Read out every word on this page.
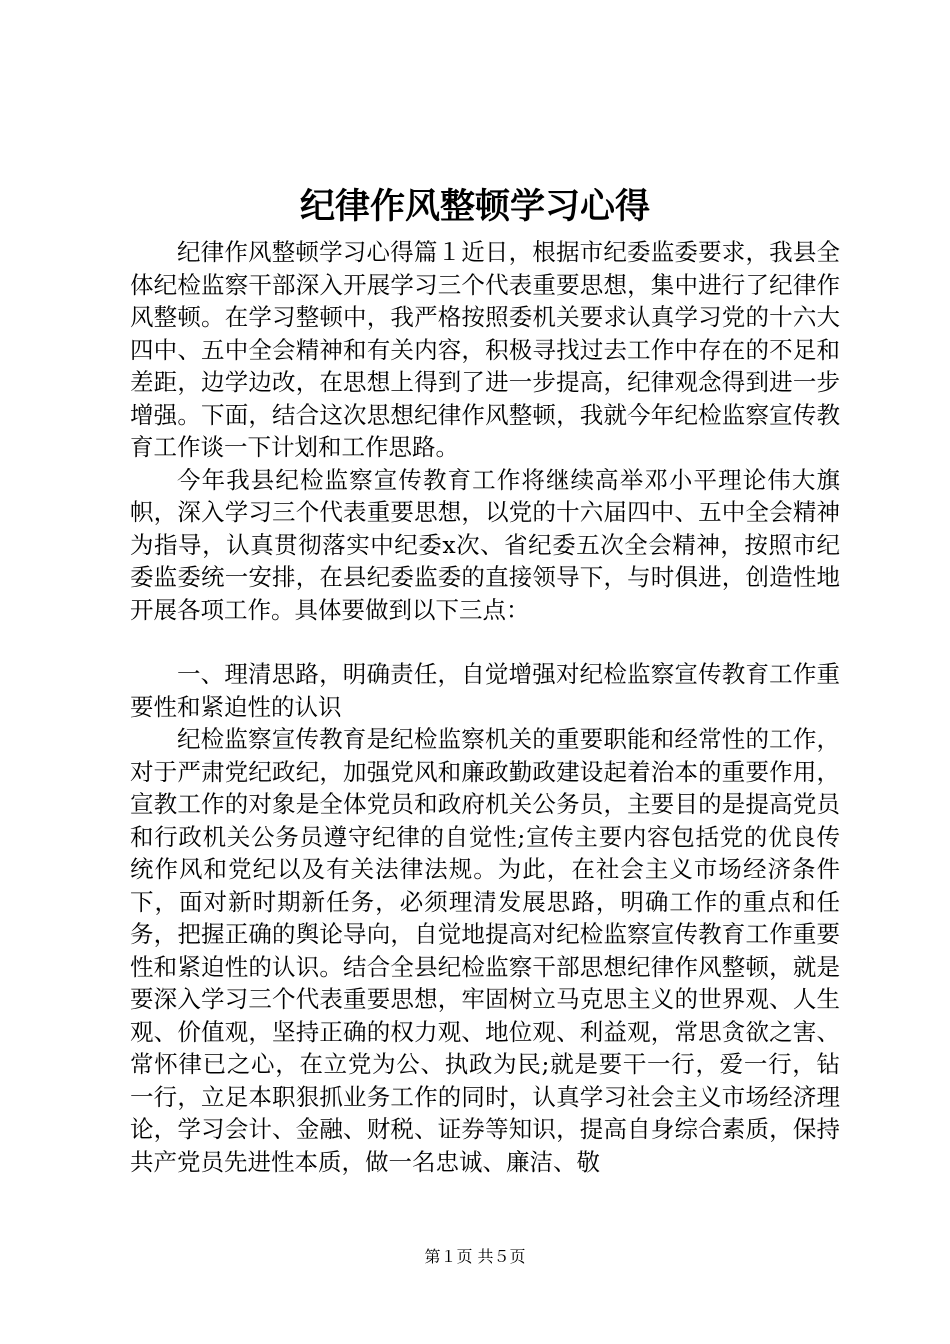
纪律作风整顿学习心得

纪律作风整顿学习心得篇１近日，根据市纪委监委要求，我县全体纪检监察干部深入开展学习三个代表重要思想，集中进行了纪律作风整顿。在学习整顿中，我严格按照委机关要求认真学习党的十六大四中、五中全会精神和有关内容，积极寻找过去工作中存在的不足和差距，边学边改，在思想上得到了进一步提高，纪律观念得到进一步增强。下面，结合这次思想纪律作风整顿，我就今年纪检监察宣传教育工作谈一下计划和工作思路。

今年我县纪检监察宣传教育工作将继续高举邓小平理论伟大旗帜，深入学习三个代表重要思想，以党的十六届四中、五中全会精神为指导，认真贯彻落实中纪委x次、省纪委五次全会精神，按照市纪委监委统一安排，在县纪委监委的直接领导下，与时俱进，创造性地开展各项工作。具体要做到以下三点：

一、理清思路，明确责任，自觉增强对纪检监察宣传教育工作重要性和紧迫性的认识

纪检监察宣传教育是纪检监察机关的重要职能和经常性的工作，对于严肃党纪政纪，加强党风和廉政勤政建设起着治本的重要作用，宣教工作的对象是全体党员和政府机关公务员，主要目的是提高党员和行政机关公务员遵守纪律的自觉性;宣传主要内容包括党的优良传统作风和党纪以及有关法律法规。为此，在社会主义市场经济条件下，面对新时期新任务，必须理清发展思路，明确工作的重点和任务，把握正确的舆论导向，自觉地提高对纪检监察宣传教育工作重要性和紧迫性的认识。结合全县纪检监察干部思想纪律作风整顿，就是要深入学习三个代表重要思想，牢固树立马克思主义的世界观、人生观、价值观，坚持正确的权力观、地位观、利益观，常思贪欲之害、常怀律已之心，在立党为公、执政为民;就是要干一行，爱一行，钻一行，立足本职狠抓业务工作的同时，认真学习社会主义市场经济理论，学习会计、金融、财税、证券等知识，提高自身综合素质，保持共产党员先进性本质，做一名忠诚、廉洁、敬

第１页 共５页
